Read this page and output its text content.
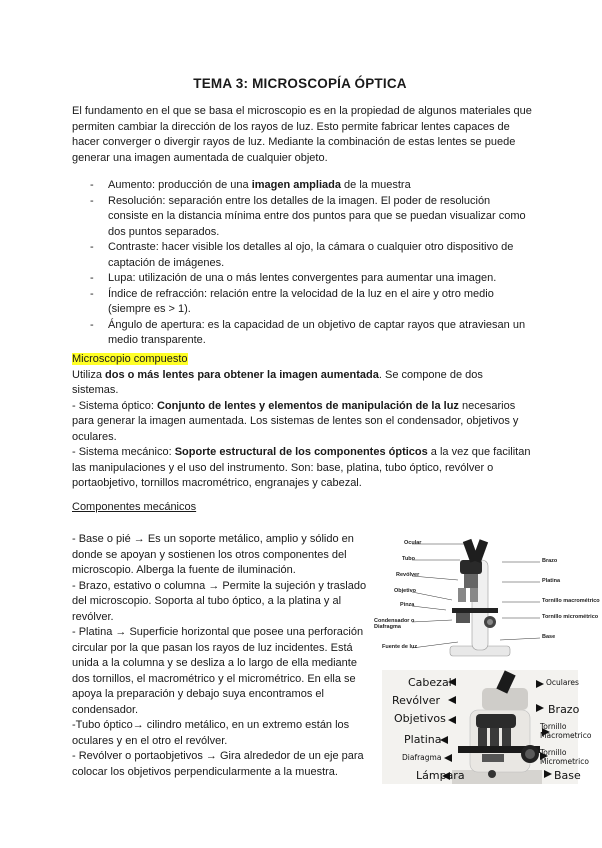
TEMA 3: MICROSCOPÍA ÓPTICA
El fundamento en el que se basa el microscopio es en la propiedad de algunos materiales que permiten cambiar la dirección de los rayos de luz. Esto permite fabricar lentes capaces de hacer converger o divergir rayos de luz. Mediante la combinación de estas lentes se puede generar una imagen aumentada de cualquier objeto.
- Aumento: producción de una imagen ampliada de la muestra
- Resolución: separación entre los detalles de la imagen. El poder de resolución consiste en la distancia mínima entre dos puntos para que se puedan visualizar como dos puntos separados.
- Contraste: hacer visible los detalles al ojo, la cámara o cualquier otro dispositivo de captación de imágenes.
- Lupa: utilización de una o más lentes convergentes para aumentar una imagen.
- Índice de refracción: relación entre la velocidad de la luz en el aire y otro medio (siempre es > 1).
- Ángulo de apertura: es la capacidad de un objetivo de captar rayos que atraviesan un medio transparente.
Microscopio compuesto
Utiliza dos o más lentes para obtener la imagen aumentada. Se compone de dos sistemas.
- Sistema óptico: Conjunto de lentes y elementos de manipulación de la luz necesarios para generar la imagen aumentada. Los sistemas de lentes son el condensador, objetivos y oculares.
- Sistema mecánico: Soporte estructural de los componentes ópticos a la vez que facilitan las manipulaciones y el uso del instrumento. Son: base, platina, tubo óptico, revólver o portaobjetivo, tornillos macrométrico, engranajes y cabezal.
Componentes mecánicos

- Base o pié → Es un soporte metálico, amplio y sólido en donde se apoyan y sostienen los otros componentes del microscopio. Alberga la fuente de iluminación.

- Brazo, estativo o columna → Permite la sujeción y traslado del microscopio. Soporta al tubo óptico, a la platina y al revólver.

- Platina → Superficie horizontal que posee una perforación circular por la que pasan los rayos de luz incidentes. Está unida a la columna y se desliza a lo largo de ella mediante dos tornillos, el macrométrico y el micrométrico. En ella se apoya la preparación y debajo suya encontramos el condensador.

-Tubo óptico→ cilindro metálico, en un extremo están los oculares y en el otro el revólver.

- Revólver o portaobjetivos → Gira alrededor de un eje para colocar los objetivos perpendicularmente a la muestra.

Ocular
Tubo
Revólver
Objetivo
Pinza
Condensador o Diafragma
Fuente de luz
Brazo
Platina
Tornillo macrométrico
Tornillo micrométrico
Base
Cabezal
Revólver
Objetivos
Platina
Diafragma
Lámpara
Oculares
Brazo
Tornillo Macrometrico
Tornillo Micrometrico
Base
